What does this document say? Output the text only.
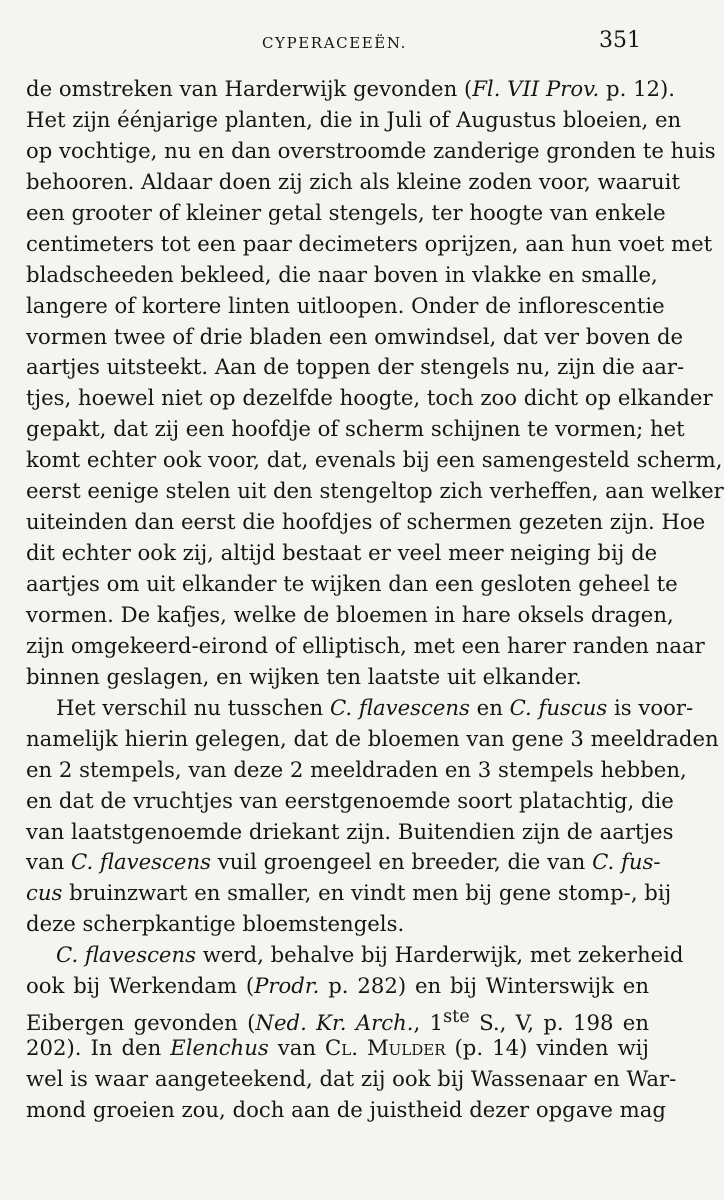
CYPERACEEËN.	351
de omstreken van Harderwijk gevonden (Fl. VII Prov. p. 12).
Het zijn éénjarige planten, die in Juli of Augustus bloeien, en
op vochtige, nu en dan overstroomde zanderige gronden te huis
behooren. Aldaar doen zij zich als kleine zoden voor, waaruit
een grooter of kleiner getal stengels, ter hoogte van enkele
centimeters tot een paar decimeters oprijzen, aan hun voet met
bladscheeden bekleed, die naar boven in vlakke en smalle,
langere of kortere linten uitloopen. Onder de inflorescentie
vormen twee of drie bladen een omwindsel, dat ver boven de
aartjes uitsteekt. Aan de toppen der stengels nu, zijn die aar-
tjes, hoewel niet op dezelfde hoogte, toch zoo dicht op elkander
gepakt, dat zij een hoofdje of scherm schijnen te vormen; het
komt echter ook voor, dat, evenals bij een samengesteld scherm,
eerst eenige stelen uit den stengeltop zich verheffen, aan welker
uiteinden dan eerst die hoofdjes of schermen gezeten zijn. Hoe
dit echter ook zij, altijd bestaat er veel meer neiging bij de
aartjes om uit elkander te wijken dan een gesloten geheel te
vormen. De kafjes, welke de bloemen in hare oksels dragen,
zijn omgekeerd-eirond of elliptisch, met een harer randen naar
binnen geslagen, en wijken ten laatste uit elkander.
Het verschil nu tusschen C. flavescens en C. fuscus is voor-
namelijk hierin gelegen, dat de bloemen van gene 3 meeldraden
en 2 stempels, van deze 2 meeldraden en 3 stempels hebben,
en dat de vruchtjes van eerstgenoemde soort platachtig, die
van laatstgenoemde driekant zijn. Buitendien zijn de aartjes
van C. flavescens vuil groengeel en breeder, die van C. fus-
cus bruinzwart en smaller, en vindt men bij gene stomp-, bij
deze scherpkantige bloemstengels.
C. flavescens werd, behalve bij Harderwijk, met zekerheid
ook bij Werkendam (Prodr. p. 282) en bij Winterswijk en
Eibergen gevonden (Ned. Kr. Arch., 1ste S., V, p. 198 en
202). In den Elenchus van Cl. Mulder (p. 14) vinden wij
wel is waar aangeteekend, dat zij ook bij Wassenaar en War-
mond groeien zou, doch aan de juistheid dezer opgave mag
